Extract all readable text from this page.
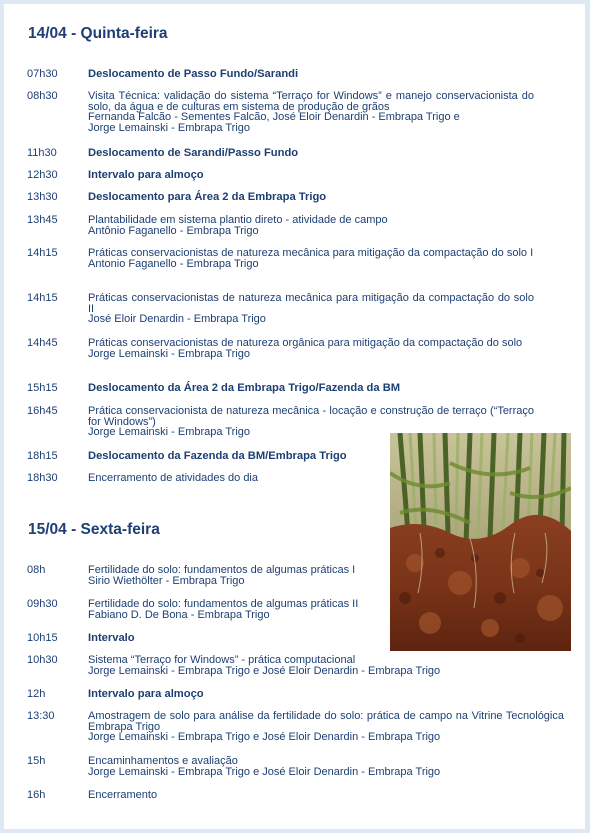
14/04 - Quinta-feira
07h30	Deslocamento de Passo Fundo/Sarandi
08h30	Visita Técnica: validação do sistema “Terraço for Windows” e manejo conservacionista do solo, da água e de culturas em sistema de produção de grãos
Fernanda Falcão - Sementes Falcão, José Eloir Denardin - Embrapa Trigo e
Jorge Lemainski - Embrapa Trigo
11h30	Deslocamento de Sarandi/Passo Fundo
12h30	Intervalo para almoço
13h30	Deslocamento para Área 2 da Embrapa Trigo
13h45	Plantabilidade em sistema plantio direto - atividade de campo
Antônio Faganello - Embrapa Trigo
14h15	Práticas conservacionistas de natureza mecânica para mitigação da compactação do solo I
Antonio Faganello - Embrapa Trigo
14h15	Práticas conservacionistas de natureza mecânica para mitigação da compactação do solo II
José Eloir Denardin - Embrapa Trigo
14h45	Práticas conservacionistas de natureza orgânica para mitigação da compactação do solo
Jorge Lemainski - Embrapa Trigo
15h15	Deslocamento da Área 2 da Embrapa Trigo/Fazenda da BM
16h45	Prática conservacionista de natureza mecânica - locação e construção de terraço (“Terraço for Windows”)
Jorge Lemainski - Embrapa Trigo
18h15	Deslocamento da Fazenda da BM/Embrapa Trigo
18h30	Encerramento de atividades do dia
15/04 - Sexta-feira
08h	Fertilidade do solo: fundamentos de algumas práticas I
Sirio Wiethölter - Embrapa Trigo
09h30	Fertilidade do solo: fundamentos de algumas práticas II
Fabiano D. De Bona - Embrapa Trigo
10h15	Intervalo
10h30	Sistema “Terraço for Windows” - prática computacional
Jorge Lemainski - Embrapa Trigo e José Eloir Denardin - Embrapa Trigo
12h	Intervalo para almoço
13:30	Amostragem de solo para análise da fertilidade do solo: prática de campo na Vitrine Tecnológica Embrapa Trigo
Jorge Lemainski - Embrapa Trigo e José Eloir Denardin - Embrapa Trigo
15h	Encaminhamentos e avaliação
Jorge Lemainski - Embrapa Trigo e José Eloir Denardin - Embrapa Trigo
16h	Encerramento
